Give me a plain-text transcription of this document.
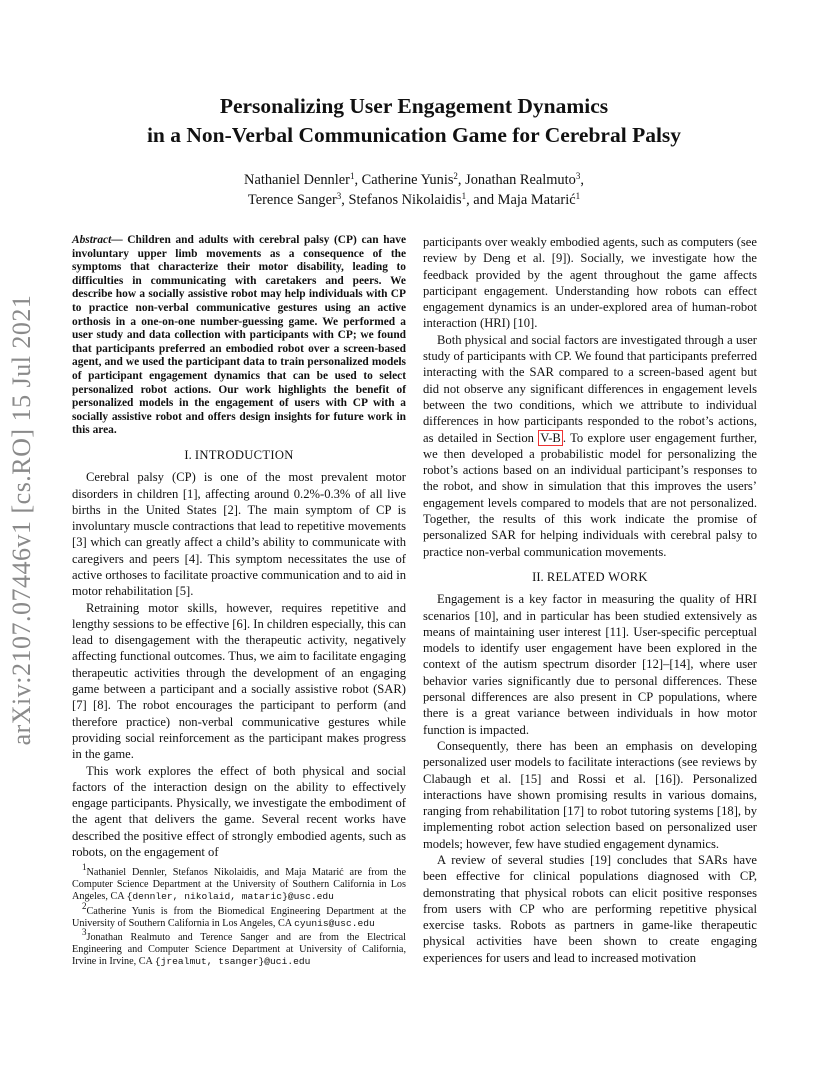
arXiv:2107.07446v1 [cs.RO] 15 Jul 2021
Personalizing User Engagement Dynamics
in a Non-Verbal Communication Game for Cerebral Palsy
Nathaniel Dennler$^1$, Catherine Yunis$^2$, Jonathan Realmuto$^3$,
Terence Sanger$^3$, Stefanos Nikolaidis$^1$, and Maja Matarić$^1$

Abstract— Children and adults with cerebral palsy (CP) can have involuntary upper limb movements as a consequence of the symptoms that characterize their motor disability, leading to difficulties in communicating with caretakers and peers. We describe how a socially assistive robot may help individuals with CP to practice non-verbal communicative gestures using an active orthosis in a one-on-one number-guessing game. We performed a user study and data collection with participants with CP; we found that participants preferred an embodied robot over a screen-based agent, and we used the participant data to train personalized models of participant engagement dynamics that can be used to select personalized robot actions. Our work highlights the benefit of personalized models in the engagement of users with CP with a socially assistive robot and offers design insights for future work in this area.

I. INTRODUCTION

Cerebral palsy (CP) is one of the most prevalent motor disorders in children [1], affecting around 0.2%-0.3% of all live births in the United States [2]. The main symptom of CP is involuntary muscle contractions that lead to repetitive movements [3] which can greatly affect a child’s ability to communicate with caregivers and peers [4]. This symptom necessitates the use of active orthoses to facilitate proactive communication and to aid in motor rehabilitation [5].

Retraining motor skills, however, requires repetitive and lengthy sessions to be effective [6]. In children especially, this can lead to disengagement with the therapeutic activity, negatively affecting functional outcomes. Thus, we aim to facilitate engaging therapeutic activities through the development of an engaging game between a participant and a socially assistive robot (SAR) [7] [8]. The robot encourages the participant to perform (and therefore practice) non-verbal communicative gestures while providing social reinforcement as the participant makes progress in the game.

This work explores the effect of both physical and social factors of the interaction design on the ability to effectively engage participants. Physically, we investigate the embodiment of the agent that delivers the game. Several recent works have described the positive effect of strongly embodied agents, such as robots, on the engagement of

$^1$Nathaniel Dennler, Stefanos Nikolaidis, and Maja Matarić are from the Computer Science Department at the University of Southern California in Los Angeles, CA {dennler, nikolaid, mataric}@usc.edu

$^2$Catherine Yunis is from the Biomedical Engineering Department at the University of Southern California in Los Angeles, CA cyunis@usc.edu

$^3$Jonathan Realmuto and Terence Sanger and are from the Electrical Engineering and Computer Science Department at University of California, Irvine in Irvine, CA {jrealmut, tsanger}@uci.edu

participants over weakly embodied agents, such as computers (see review by Deng et al. [9]). Socially, we investigate how the feedback provided by the agent throughout the game affects participant engagement. Understanding how robots can effect engagement dynamics is an under-explored area of human-robot interaction (HRI) [10].

Both physical and social factors are investigated through a user study of participants with CP. We found that participants preferred interacting with the SAR compared to a screen-based agent but did not observe any significant differences in engagement levels between the two conditions, which we attribute to individual differences in how participants responded to the robot’s actions, as detailed in Section V-B . To explore user engagement further, we then developed a probabilistic model for personalizing the robot’s actions based on an individual participant’s responses to the robot, and show in simulation that this improves the users’ engagement levels compared to models that are not personalized. Together, the results of this work indicate the promise of personalized SAR for helping individuals with cerebral palsy to practice non-verbal communication movements.

II. RELATED WORK

Engagement is a key factor in measuring the quality of HRI scenarios [10], and in particular has been studied extensively as means of maintaining user interest [11]. User-specific perceptual models to identify user engagement have been explored in the context of the autism spectrum disorder [12]–[14], where user behavior varies significantly due to personal differences. These personal differences are also present in CP populations, where there is a great variance between individuals in how motor function is impacted.

Consequently, there has been an emphasis on developing personalized user models to facilitate interactions (see reviews by Clabaugh et al. [15] and Rossi et al. [16]). Personalized interactions have shown promising results in various domains, ranging from rehabilitation [17] to robot tutoring systems [18], by implementing robot action selection based on personalized user models; however, few have studied engagement dynamics.

A review of several studies [19] concludes that SARs have been effective for clinical populations diagnosed with CP, demonstrating that physical robots can elicit positive responses from users with CP who are performing repetitive physical exercise tasks. Robots as partners in game-like therapeutic physical activities have been shown to create engaging experiences for users and lead to increased motivation
